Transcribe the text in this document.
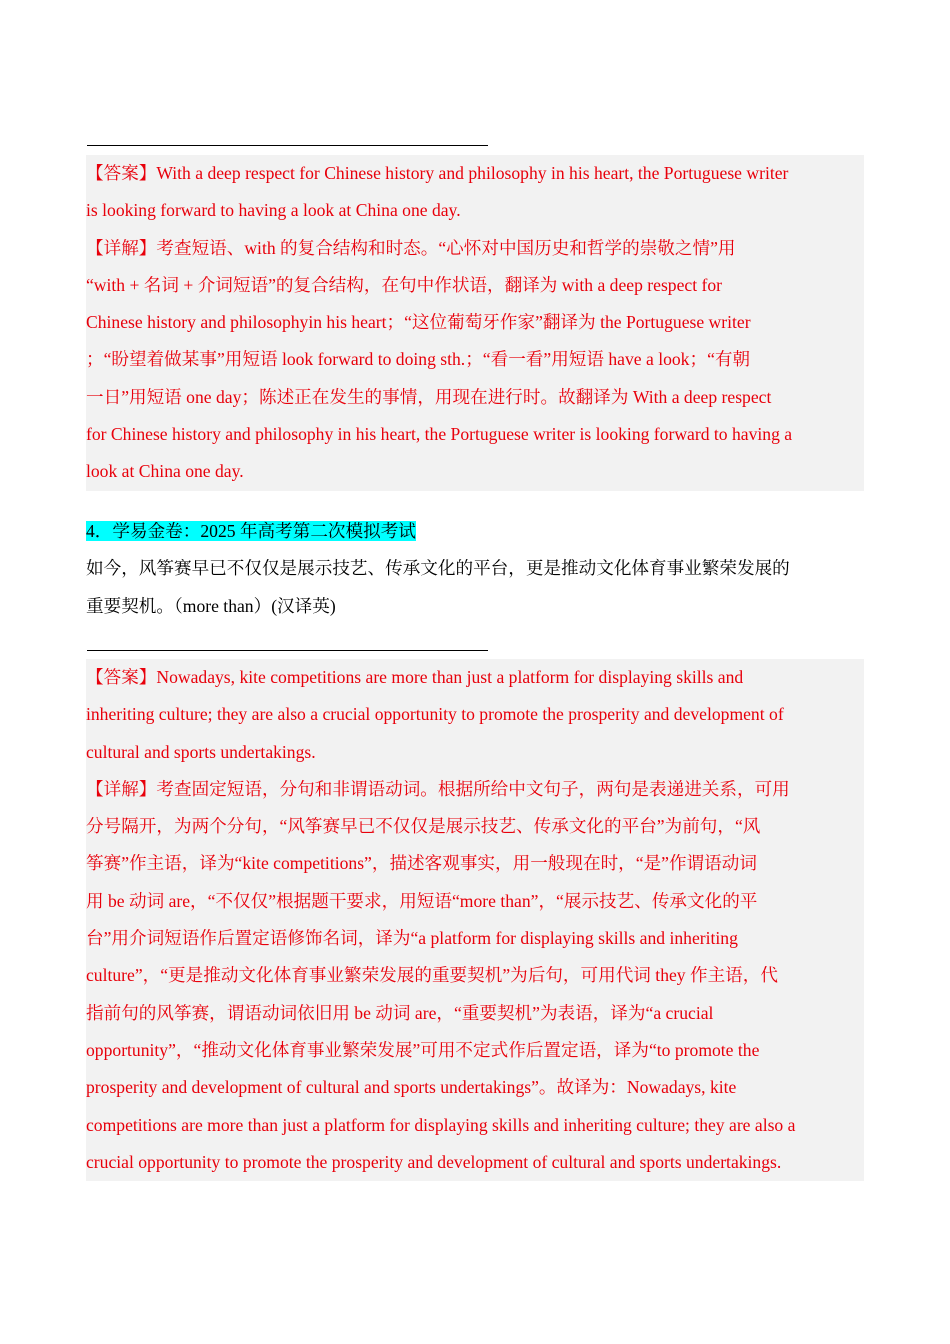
【答案】With a deep respect for Chinese history and philosophy in his heart, the Portuguese writer
is looking forward to having a look at China one day.
【详解】考查短语、with 的复合结构和时态。“心怀对中国历史和哲学的崇敬之情”用
“with + 名词 + 介词短语”的复合结构，在句中作状语，翻译为 with a deep respect for
Chinese history and philosophyin his heart；“这位葡萄牙作家”翻译为 the Portuguese writer
；“盼望着做某事”用短语 look forward to doing sth.；“看一看”用短语 have a look；“有朝
一日”用短语 one day；陈述正在发生的事情，用现在进行时。故翻译为 With a deep respect
for Chinese history and philosophy in his heart, the Portuguese writer is looking forward to having a
look at China one day.
4．学易金卷：2025 年高考第二次模拟考试
如今，风筝赛早已不仅仅是展示技艺、传承文化的平台，更是推动文化体育事业繁荣发展的
重要契机。（more than）(汉译英)
【答案】Nowadays, kite competitions are more than just a platform for displaying skills and
inheriting culture; they are also a crucial opportunity to promote the prosperity and development of
cultural and sports undertakings.
【详解】考查固定短语，分句和非谓语动词。根据所给中文句子，两句是表递进关系，可用
分号隔开，为两个分句，“风筝赛早已不仅仅是展示技艺、传承文化的平台”为前句，“风
筝赛”作主语，译为“kite competitions”，描述客观事实，用一般现在时，“是”作谓语动词
用 be 动词 are，“不仅仅”根据题干要求，用短语“more than”，“展示技艺、传承文化的平
台”用介词短语作后置定语修饰名词，译为“a platform for displaying skills and inheriting
culture”，“更是推动文化体育事业繁荣发展的重要契机”为后句，可用代词 they 作主语，代
指前句的风筝赛，谓语动词依旧用 be 动词 are，“重要契机”为表语，译为“a crucial
opportunity”，“推动文化体育事业繁荣发展”可用不定式作后置定语，译为“to promote the
prosperity and development of cultural and sports undertakings”。故译为：Nowadays, kite
competitions are more than just a platform for displaying skills and inheriting culture; they are also a
crucial opportunity to promote the prosperity and development of cultural and sports undertakings.
